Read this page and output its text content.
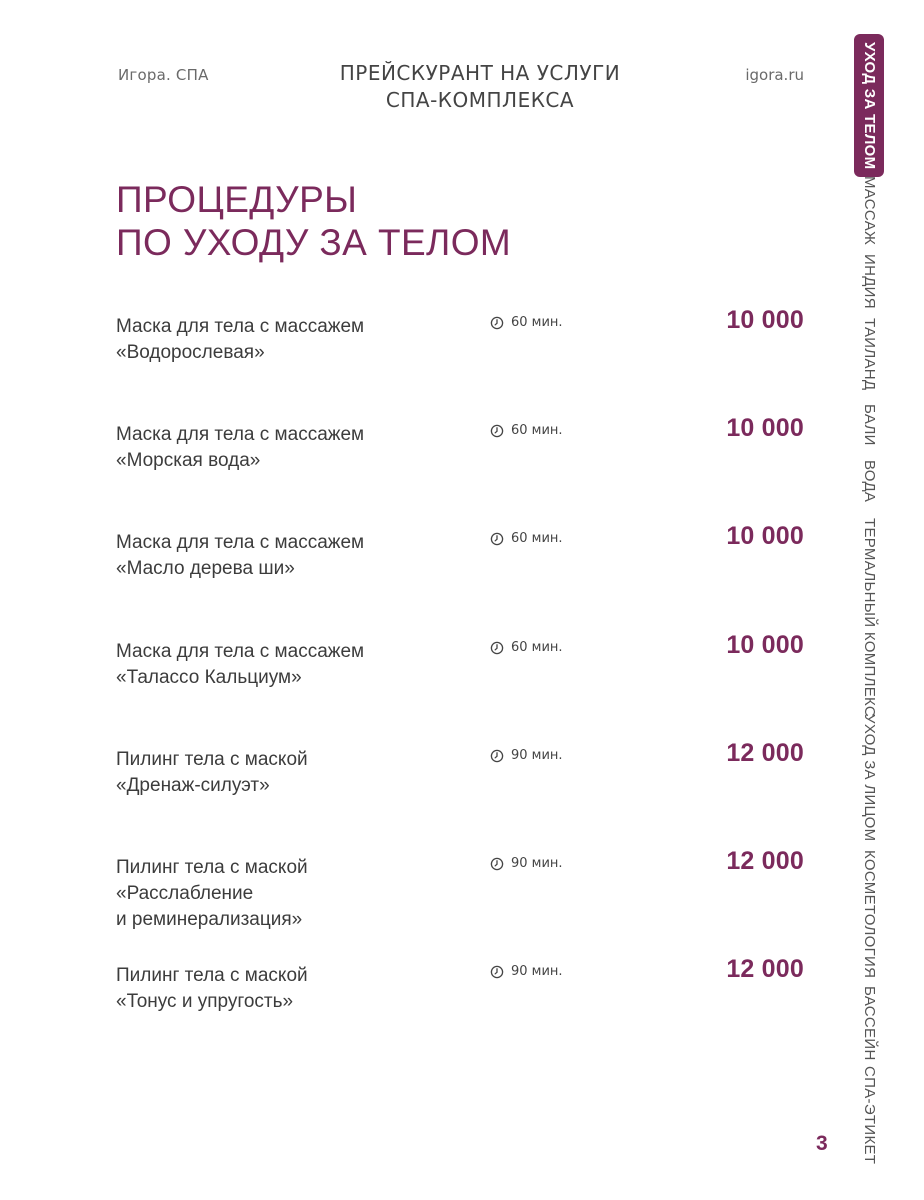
Игора. СПА	ПРЕЙСКУРАНТ НА УСЛУГИ
СПА-КОМПЛЕКСА
igora.ru
ПРОЦЕДУРЫ
ПО УХОДУ ЗА ТЕЛОМ
Маска для тела с массажем
«Водорослевая»
60 мин.	10 000
Маска для тела с массажем
«Морская вода»
60 мин.	10 000
Маска для тела с массажем
«Масло дерева ши»
60 мин.	10 000
Маска для тела с массажем
«Талассо Кальциум»
60 мин.	10 000
Пилинг тела с маской
«Дренаж-силуэт»
90 мин.	12 000
Пилинг тела с маской
«Расслабление
и реминерализация»
90 мин.	12 000
Пилинг тела с маской
«Тонус и упругость»
90 мин.	12 000
УХОД ЗА ТЕЛОМ
МАССАЖ
ИНДИЯ
ТАИЛАНД
БАЛИ
ВОДА
ТЕРМАЛЬНЫЙ КОМПЛЕКС
УХОД ЗА ЛИЦОМ
КОСМЕТОЛОГИЯ
БАССЕЙН
СПА-ЭТИКЕТ
3
